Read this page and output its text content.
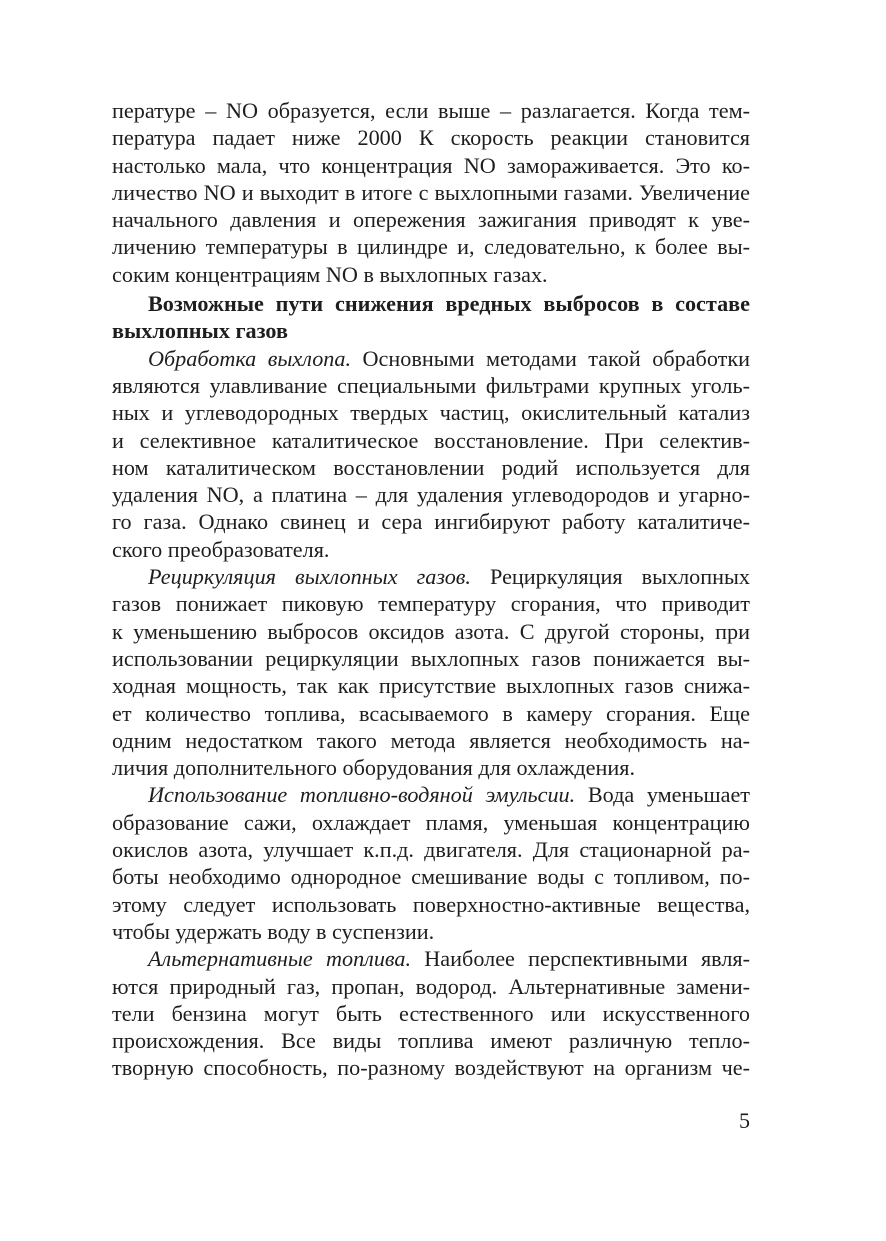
пературе – NO образуется, если выше – разлагается. Когда тем-
пература падает ниже 2000 К скорость реакции становится
настолько мала, что концентрация NO замораживается. Это ко-
личество NO и выходит в итоге с выхлопными газами. Увеличение
начального давления и опережения зажигания приводят к уве-
личению температуры в цилиндре и, следовательно, к более вы-
соким концентрациям NO в выхлопных газах.
Возможные пути снижения вредных выбросов в составе
выхлопных газов
Обработка выхлопа. Основными методами такой обработки
являются улавливание специальными фильтрами крупных уголь-
ных и углеводородных твердых частиц, окислительный катализ
и селективное каталитическое восстановление. При селектив-
ном каталитическом восстановлении родий используется для
удаления NO, а платина – для удаления углеводородов и угарно-
го газа. Однако свинец и сера ингибируют работу каталитиче-
ского преобразователя.
Рециркуляция выхлопных газов. Рециркуляция выхлопных
газов понижает пиковую температуру сгорания, что приводит
к уменьшению выбросов оксидов азота. С другой стороны, при
использовании рециркуляции выхлопных газов понижается вы-
ходная мощность, так как присутствие выхлопных газов снижа-
ет количество топлива, всасываемого в камеру сгорания. Еще
одним недостатком такого метода является необходимость на-
личия дополнительного оборудования для охлаждения.
Использование топливно-водяной эмульсии. Вода уменьшает
образование сажи, охлаждает пламя, уменьшая концентрацию
окислов азота, улучшает к.п.д. двигателя. Для стационарной ра-
боты необходимо однородное смешивание воды с топливом, по-
этому следует использовать поверхностно-активные вещества,
чтобы удержать воду в суспензии.
Альтернативные топлива. Наиболее перспективными явля-
ются природный газ, пропан, водород. Альтернативные замени-
тели бензина могут быть естественного или искусственного
происхождения. Все виды топлива имеют различную тепло-
творную способность, по-разному воздействуют на организм че-
5
